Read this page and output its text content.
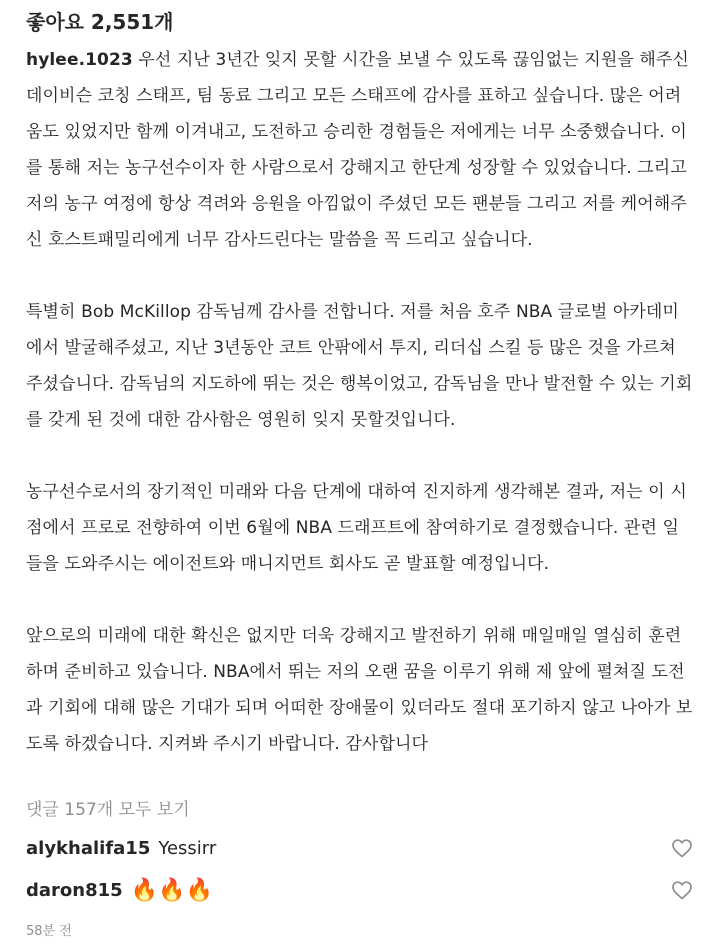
좋아요 2,551개

hylee.1023 우선 지난 3년간 잊지 못할 시간을 보낼 수 있도록 끊임없는 지원을 해주신 데이비슨 코칭 스태프, 팀 동료 그리고 모든 스태프에 감사를 표하고 싶습니다. 많은 어려움도 있었지만 함께 이겨내고, 도전하고 승리한 경험들은 저에게는 너무 소중했습니다. 이를 통해 저는 농구선수이자 한 사람으로서 강해지고 한단계 성장할 수 있었습니다. 그리고 저의 농구 여정에 항상 격려와 응원을 아낌없이 주셨던 모든 팬분들 그리고 저를 케어해주신 호스트패밀리에게 너무 감사드린다는 말씀을 꼭 드리고 싶습니다.

특별히 Bob McKillop 감독님께 감사를 전합니다. 저를 처음 호주 NBA 글로벌 아카데미에서 발굴해주셨고, 지난 3년동안 코트 안팎에서 투지, 리더십 스킬 등 많은 것을 가르쳐 주셨습니다. 감독님의 지도하에 뛰는 것은 행복이었고, 감독님을 만나 발전할 수 있는 기회를 갖게 된 것에 대한 감사함은 영원히 잊지 못할것입니다.

농구선수로서의 장기적인 미래와 다음 단계에 대하여 진지하게 생각해본 결과, 저는 이 시점에서 프로로 전향하여 이번 6월에 NBA 드래프트에 참여하기로 결정했습니다. 관련 일들을 도와주시는 에이전트와 매니지먼트 회사도 곧 발표할 예정입니다.

앞으로의 미래에 대한 확신은 없지만 더욱 강해지고 발전하기 위해 매일매일 열심히 훈련하며 준비하고 있습니다. NBA에서 뛰는 저의 오랜 꿈을 이루기 위해 제 앞에 펼쳐질 도전과 기회에 대해 많은 기대가 되며 어떠한 장애물이 있더라도 절대 포기하지 않고 나아가 보도록 하겠습니다. 지켜봐 주시기 바랍니다. 감사합니다

댓글 157개 모두 보기
alykhalifa15 Yessirr
daron815 🔥🔥🔥
58분 전
